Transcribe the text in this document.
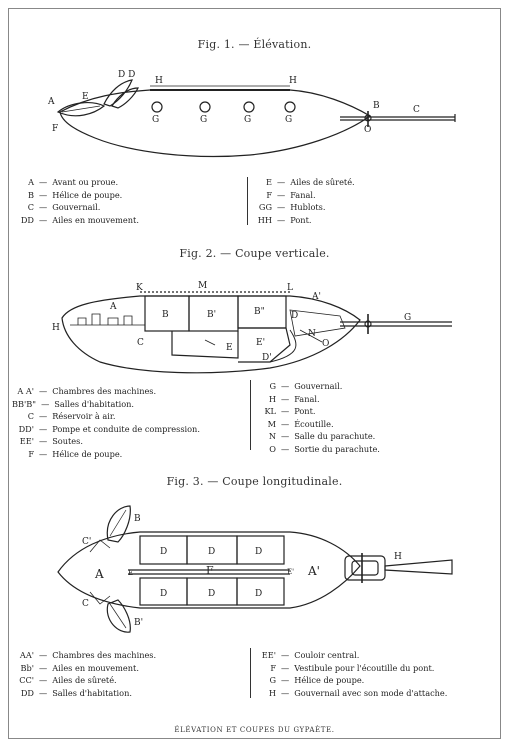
Fig. 1. — Élévation.
Fig. 2. — Coupe verticale.
Fig. 3. — Coupe longitudinale.
A
F
E
D D
H	H
G	G	G	G
B
O
C
H
A
K	M	L
B	B'	B"
C	E	E'
D'
D
A'
N
O
G
B
C'
A	E
C
B'
D	D	D
D	D	D
F	E' A'
H
A — Avant ou proue.
B — Hélice de poupe.
C — Gouvernail.
DD — Ailes en mouvement.
E — Ailes de sûreté.
F — Fanal.
GG — Hublots.
HH — Pont.
A A' — Chambres des machines.
BB'B" — Salles d'habitation.
C — Réservoir à air.
DD' — Pompe et conduite de compression.
EE' — Soutes.
F — Hélice de poupe.
G — Gouvernail.
H — Fanal.
KL — Pont.
M — Écoutille.
N — Salle du parachute.
O — Sortie du parachute.
AA' — Chambres des machines.
Bb' — Ailes en mouvement.
CC' — Ailes de sûreté.
DD — Salles d'habitation.
EE' — Couloir central.
F — Vestibule pour l'écoutille du pont.
G — Hélice de poupe.
H — Gouvernail avec son mode d'attache.
ÉLÉVATION ET COUPES DU GYPAÈTE.
